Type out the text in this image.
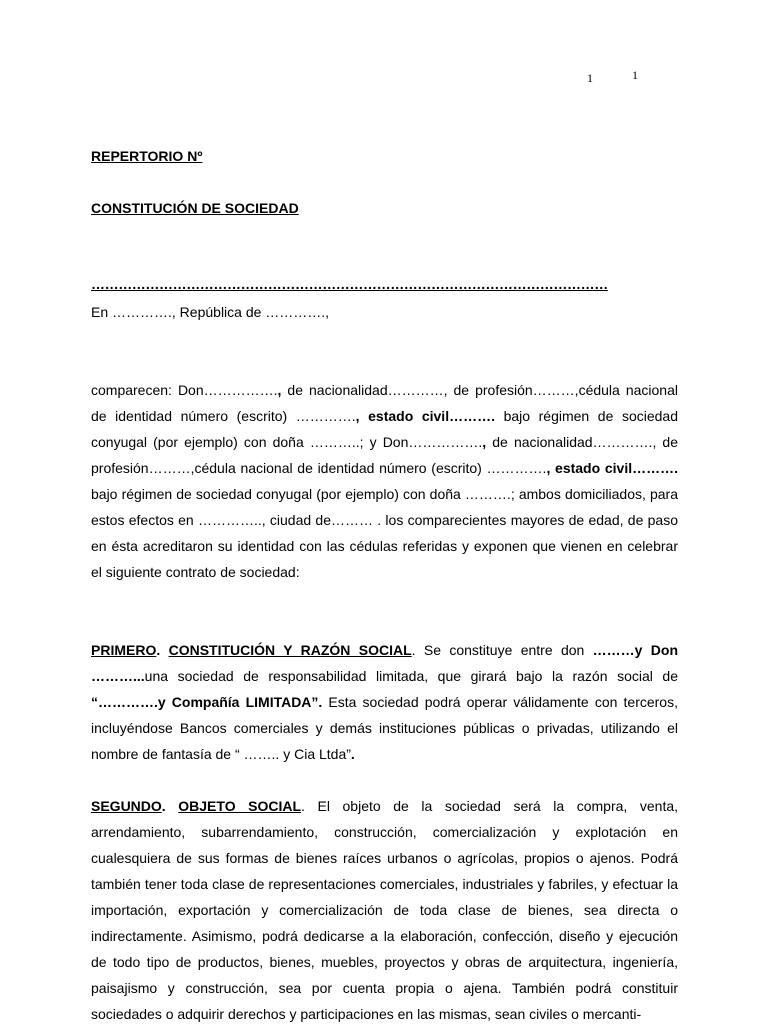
1	1

REPERTORIO Nº

CONSTITUCIÓN DE SOCIEDAD

……………………………………………………………………………………………………
En …………., República de ………….,

comparecen: Don……………., de nacionalidad…………, de profesión………,cédula nacional de identidad número (escrito) …………., estado civil………. bajo régimen de sociedad conyugal (por ejemplo) con doña ………..; y Don……………., de nacionalidad…………., de profesión………,cédula nacional de identidad número (escrito) …………., estado civil………. bajo régimen de sociedad conyugal (por ejemplo) con doña ……….; ambos domiciliados, para estos efectos en ………….., ciudad de……… . los comparecientes mayores de edad, de paso en ésta acreditaron su identidad con las cédulas referidas y exponen que vienen en celebrar el siguiente contrato de sociedad:

PRIMERO. CONSTITUCIÓN Y RAZÓN SOCIAL. Se constituye entre don ………y Don ………...una sociedad de responsabilidad limitada, que girará bajo la razón social de “………….y Compañía LIMITADA”. Esta sociedad podrá operar válidamente con terceros, incluyéndose Bancos comerciales y demás instituciones públicas o privadas, utilizando el nombre de fantasía de “ …….. y Cia Ltda”.

SEGUNDO. OBJETO SOCIAL. El objeto de la sociedad será la compra, venta, arrendamiento, subarrendamiento, construcción, comercialización y explotación en cualesquiera de sus formas de bienes raíces urbanos o agrícolas, propios o ajenos. Podrá también tener toda clase de representaciones comerciales, industriales y fabriles, y efectuar la importación, exportación y comercialización de toda clase de bienes, sea directa o indirectamente. Asimismo, podrá dedicarse a la elaboración, confección, diseño y ejecución de todo tipo de productos, bienes, muebles, proyectos y obras de arquitectura, ingeniería, paisajismo y construcción, sea por cuenta propia o ajena. También podrá constituir sociedades o adquirir derechos y participaciones en las mismas, sean civiles o mercanti-
